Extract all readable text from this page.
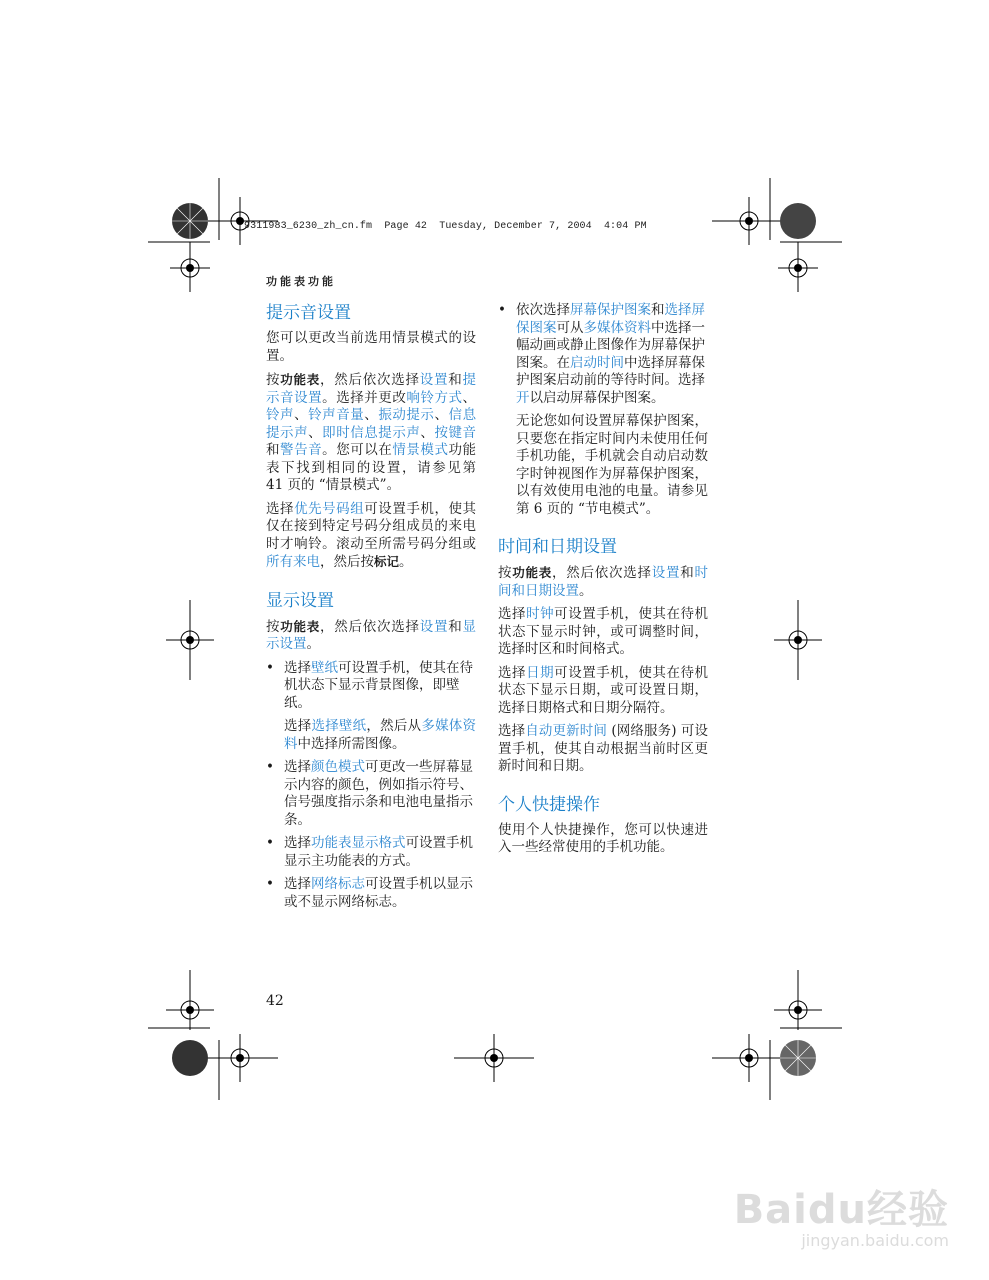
9311983_6230_zh_cn.fm  Page 42  Tuesday, December 7, 2004  4:04 PM
功能表功能
提示音设置

您可以更改当前选用情景模式的设置。

按功能表，然后依次选择设置和提示音设置。选择并更改响铃方式、铃声、铃声音量、振动提示、信息提示声、即时信息提示声、按键音和警告音。您可以在情景模式功能表下找到相同的设置，请参见第 41 页的 “情景模式”。

选择优先号码组可设置手机，使其仅在接到特定号码分组成员的来电时才响铃。滚动至所需号码分组或所有来电，然后按标记。

显示设置

按功能表，然后依次选择设置和显示设置。

• 选择壁纸可设置手机，使其在待机状态下显示背景图像，即壁纸。

选择选择壁纸，然后从多媒体资料中选择所需图像。

• 选择颜色模式可更改一些屏幕显示内容的颜色，例如指示符号、信号强度指示条和电池电量指示条。
• 选择功能表显示格式可设置手机显示主功能表的方式。
• 选择网络标志可设置手机以显示或不显示网络标志。
• 依次选择屏幕保护图案和选择屏保图案可从多媒体资料中选择一幅动画或静止图像作为屏幕保护图案。在启动时间中选择屏幕保护图案启动前的等待时间。选择开以启动屏幕保护图案。

无论您如何设置屏幕保护图案，只要您在指定时间内未使用任何手机功能，手机就会自动启动数字时钟视图作为屏幕保护图案，以有效使用电池的电量。请参见第 6 页的 “节电模式”。

时间和日期设置

按功能表，然后依次选择设置和时间和日期设置。

选择时钟可设置手机，使其在待机状态下显示时钟，或可调整时间，选择时区和时间格式。

选择日期可设置手机，使其在待机状态下显示日期，或可设置日期，选择日期格式和日期分隔符。

选择自动更新时间 (网络服务) 可设置手机，使其自动根据当前时区更新时间和日期。

个人快捷操作

使用个人快捷操作，您可以快速进入一些经常使用的手机功能。

42
Baidu经验
jingyan.baidu.com
